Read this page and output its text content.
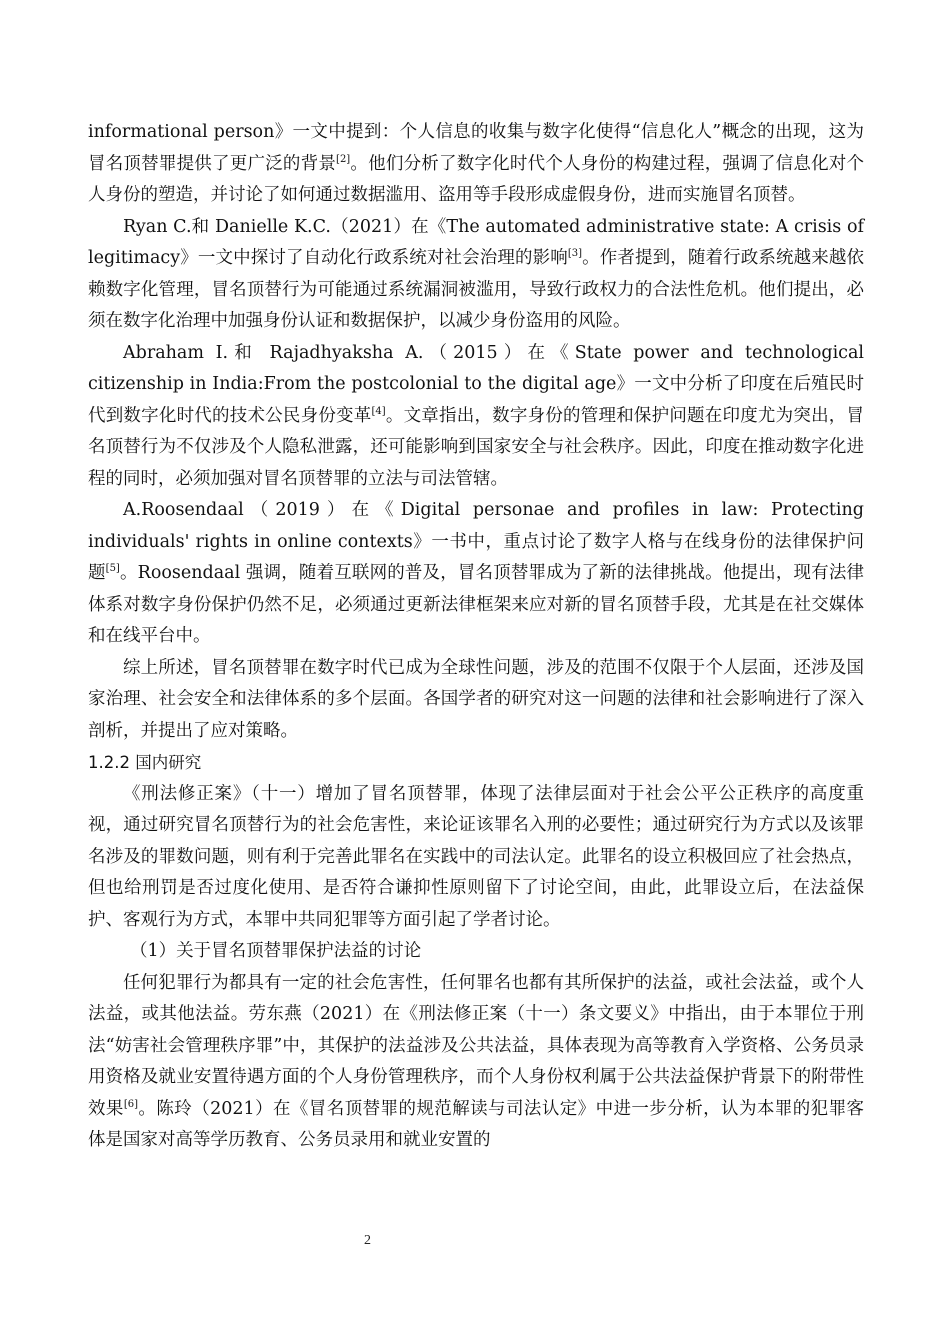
informational person》一文中提到：个人信息的收集与数字化使得“信息化人”概念的出现，这为冒名顶替罪提供了更广泛的背景[2]。他们分析了数字化时代个人身份的构建过程，强调了信息化对个人身份的塑造，并讨论了如何通过数据滥用、盗用等手段形成虚假身份，进而实施冒名顶替。

Ryan C.和 Danielle K.C.（2021）在《The automated administrative state: A crisis of legitimacy》一文中探讨了自动化行政系统对社会治理的影响[3]。作者提到，随着行政系统越来越依赖数字化管理，冒名顶替行为可能通过系统漏洞被滥用，导致行政权力的合法性危机。他们提出，必须在数字化治理中加强身份认证和数据保护，以减少身份盗用的风险。

Abraham I.和 Rajadhyaksha A.（2015）在《State power and technological citizenship in India:From the postcolonial to the digital age》一文中分析了印度在后殖民时代到数字化时代的技术公民身份变革[4]。文章指出，数字身份的管理和保护问题在印度尤为突出，冒名顶替行为不仅涉及个人隐私泄露，还可能影响到国家安全与社会秩序。因此，印度在推动数字化进程的同时，必须加强对冒名顶替罪的立法与司法管辖。

A.Roosendaal（2019）在《Digital personae and profiles in law: Protecting individuals' rights in online contexts》一书中，重点讨论了数字人格与在线身份的法律保护问题[5]。Roosendaal 强调，随着互联网的普及，冒名顶替罪成为了新的法律挑战。他提出，现有法律体系对数字身份保护仍然不足，必须通过更新法律框架来应对新的冒名顶替手段，尤其是在社交媒体和在线平台中。

综上所述，冒名顶替罪在数字时代已成为全球性问题，涉及的范围不仅限于个人层面，还涉及国家治理、社会安全和法律体系的多个层面。各国学者的研究对这一问题的法律和社会影响进行了深入剖析，并提出了应对策略。

1.2.2 国内研究

《刑法修正案》（十一）增加了冒名顶替罪，体现了法律层面对于社会公平公正秩序的高度重视，通过研究冒名顶替行为的社会危害性，来论证该罪名入刑的必要性；通过研究行为方式以及该罪名涉及的罪数问题，则有利于完善此罪名在实践中的司法认定。此罪名的设立积极回应了社会热点，但也给刑罚是否过度化使用、是否符合谦抑性原则留下了讨论空间，由此，此罪设立后，在法益保护、客观行为方式，本罪中共同犯罪等方面引起了学者讨论。

（1）关于冒名顶替罪保护法益的讨论

任何犯罪行为都具有一定的社会危害性，任何罪名也都有其所保护的法益，或社会法益，或个人法益，或其他法益。劳东燕（2021）在《刑法修正案（十一）条文要义》中指出，由于本罪位于刑法“妨害社会管理秩序罪”中，其保护的法益涉及公共法益，具体表现为高等教育入学资格、公务员录用资格及就业安置待遇方面的个人身份管理秩序，而个人身份权利属于公共法益保护背景下的附带性效果[6]。陈玲（2021）在《冒名顶替罪的规范解读与司法认定》中进一步分析，认为本罪的犯罪客体是国家对高等学历教育、公务员录用和就业安置的

2
